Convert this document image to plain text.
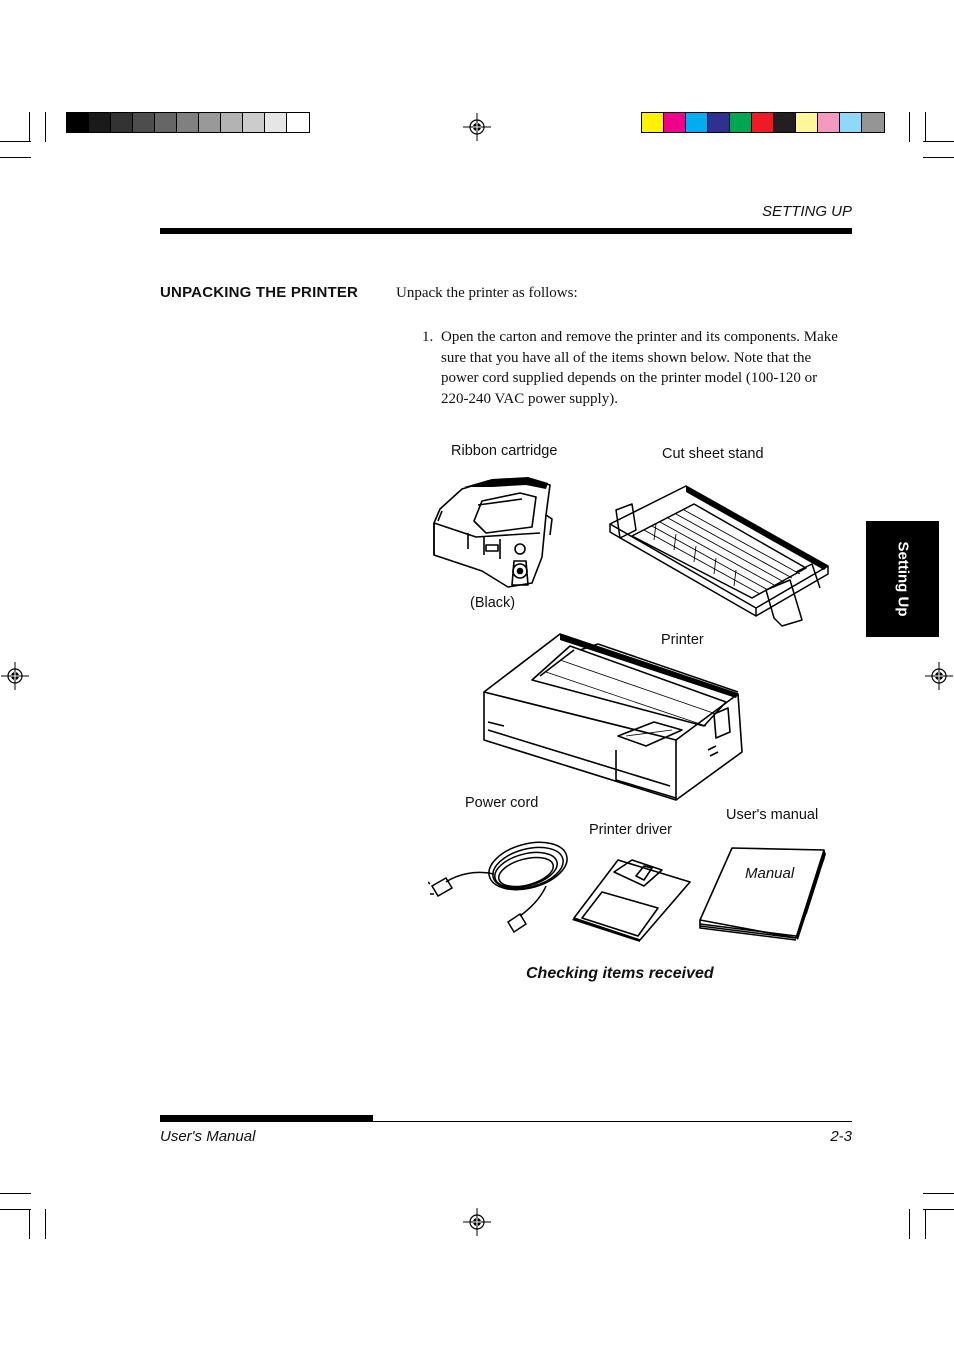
SETTING UP
UNPACKING THE PRINTER	Unpack the printer as follows:
1. Open the carton and remove the printer and its components. Make sure that you have all of the items shown below. Note that the power cord supplied depends on the printer model (100-120 or 220-240 VAC power supply).
Setting Up
Ribbon cartridge	Cut sheet stand
(Black)
Printer
Power cord
User's manual
Printer driver
Manual
Checking items received
User's Manual	2-3
